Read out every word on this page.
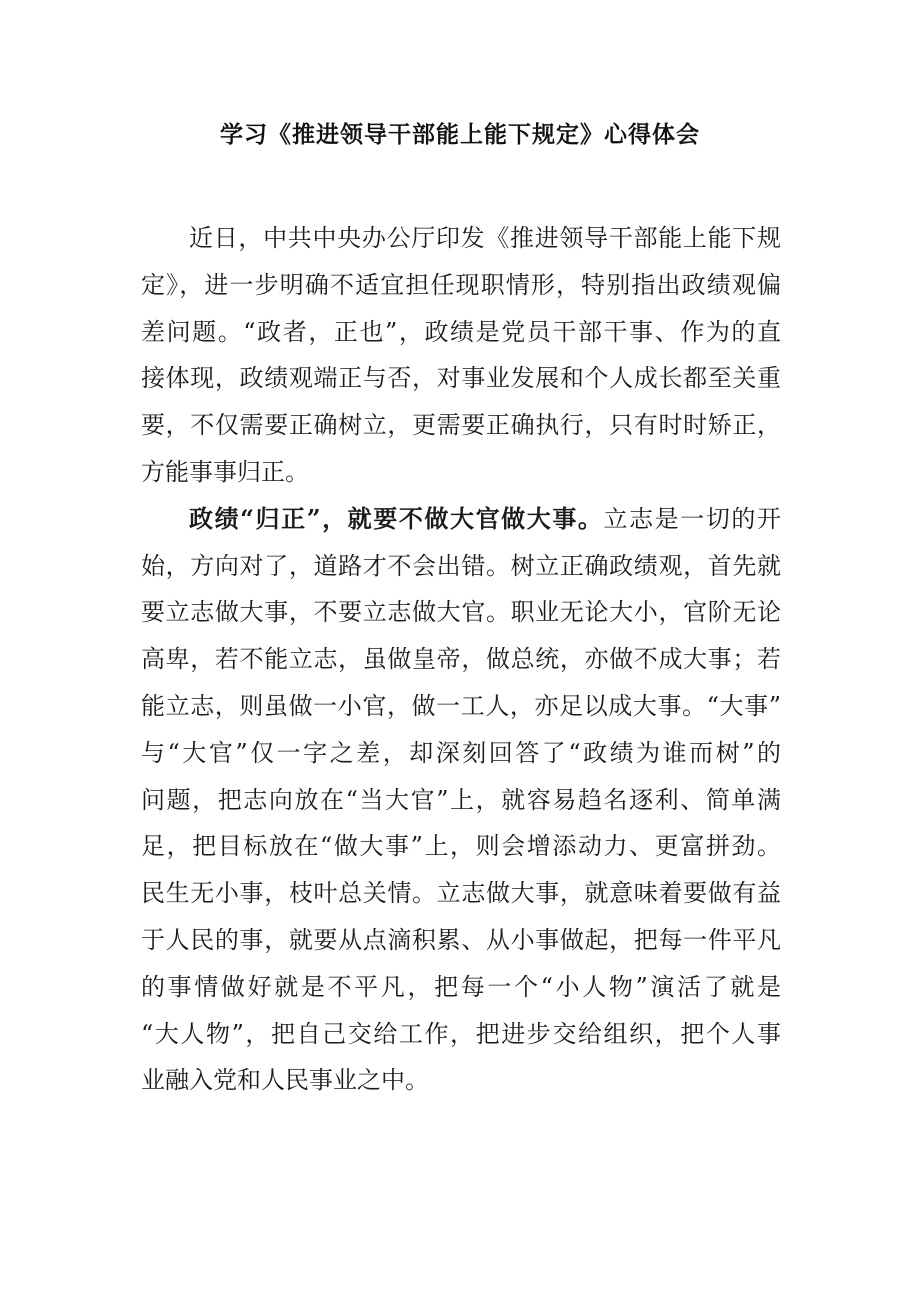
学习《推进领导干部能上能下规定》心得体会
近日，中共中央办公厅印发《推进领导干部能上能下规
定》，进一步明确不适宜担任现职情形，特别指出政绩观偏
差问题。“政者，正也”，政绩是党员干部干事、作为的直
接体现，政绩观端正与否，对事业发展和个人成长都至关重
要，不仅需要正确树立，更需要正确执行，只有时时矫正，
方能事事归正。
政绩“归正”，就要不做大官做大事。立志是一切的开
始，方向对了，道路才不会出错。树立正确政绩观，首先就
要立志做大事，不要立志做大官。职业无论大小，官阶无论
高卑，若不能立志，虽做皇帝，做总统，亦做不成大事；若
能立志，则虽做一小官，做一工人，亦足以成大事。“大事”
与“大官”仅一字之差，却深刻回答了“政绩为谁而树”的
问题，把志向放在“当大官”上，就容易趋名逐利、简单满
足，把目标放在“做大事”上，则会增添动力、更富拼劲。
民生无小事，枝叶总关情。立志做大事，就意味着要做有益
于人民的事，就要从点滴积累、从小事做起，把每一件平凡
的事情做好就是不平凡，把每一个“小人物”演活了就是
“大人物”，把自己交给工作，把进步交给组织，把个人事
业融入党和人民事业之中。
